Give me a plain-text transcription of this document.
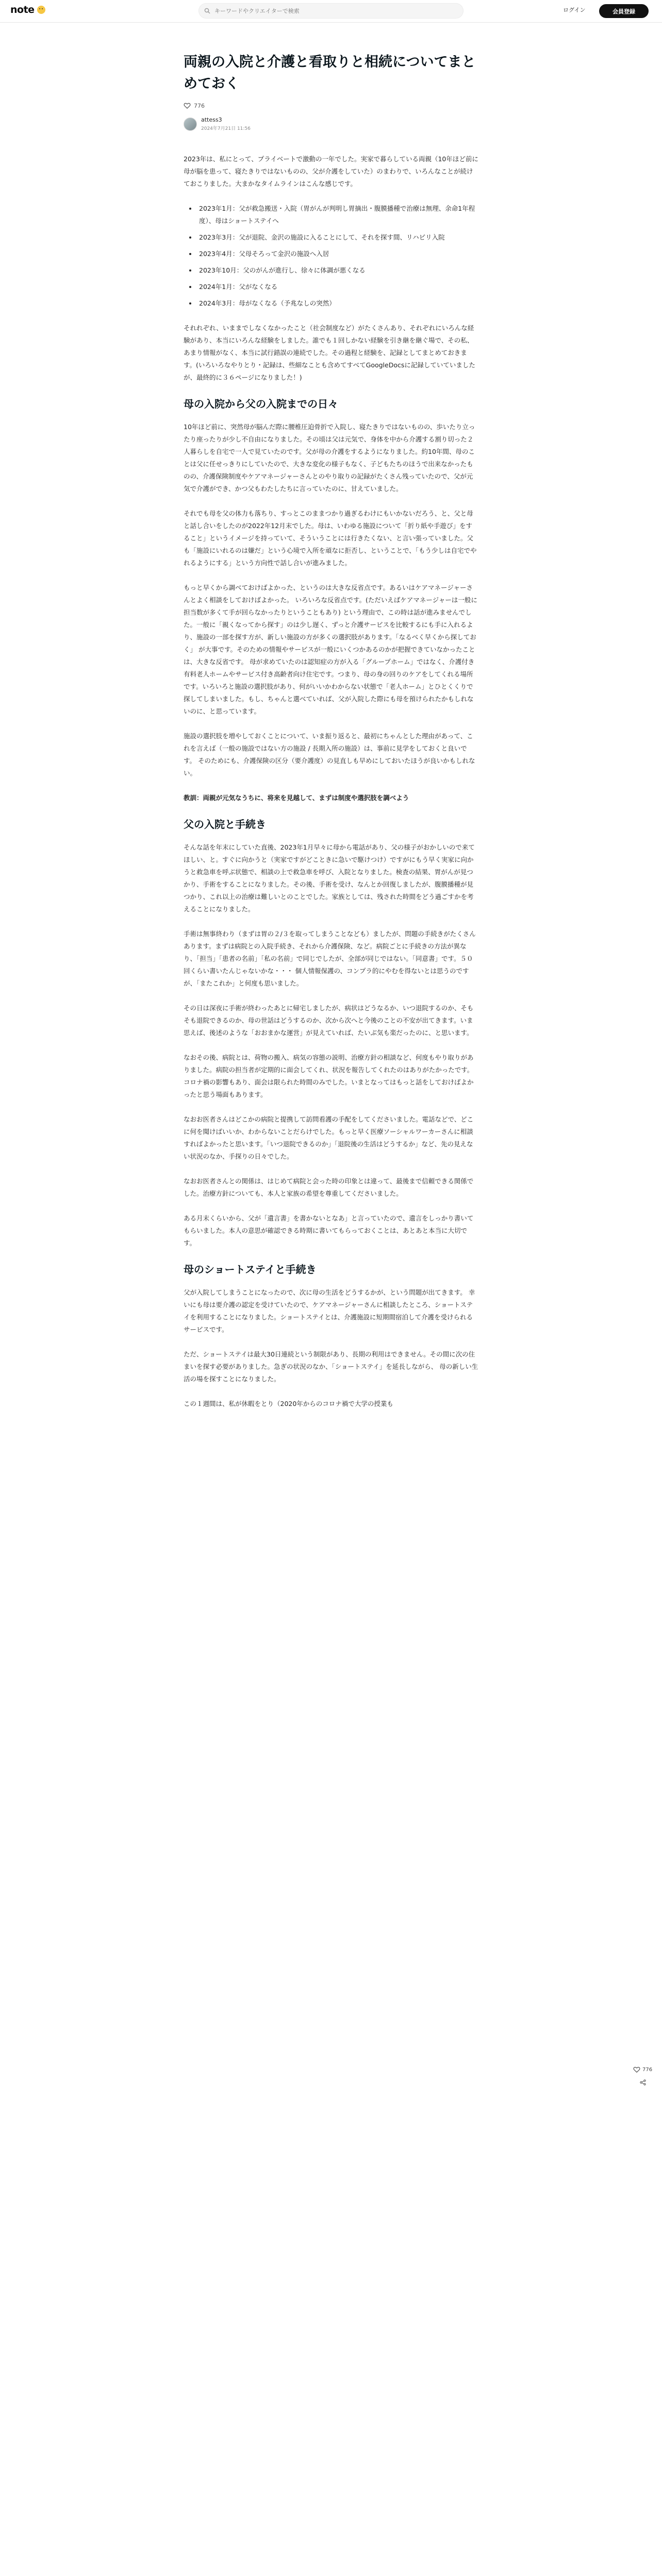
note
キーワードやクリエイターで検索	ログイン	会員登録
両親の入院と介護と看取りと相続についてまとめておく
776
attess3
2024年7月21日 11:56

2023年は、私にとって、プライベートで激動の一年でした。実家で暮らしている両親（10年ほど前に母が脳を患って、寝たきりではないものの、父が介護をしていた）のまわりで、いろんなことが続けておこりました。大まかなタイムラインはこんな感じです。

• 2023年1月：父が救急搬送・入院（胃がんが判明し胃摘出・腹膜播種で治療は無理、余命1年程度）、母はショートステイへ
• 2023年3月：父が退院、金沢の施設に入ることにして、それを探す間、リハビリ入院
• 2023年4月：父母そろって金沢の施設へ入居
• 2023年10月：父のがんが進行し、徐々に体調が悪くなる
• 2024年1月：父がなくなる
• 2024年3月：母がなくなる（予兆なしの突然）

それれぞれ、いままでしなくなかったこと（社会制度など）がたくさんあり、それぞれにいろんな経験があり、本当にいろんな経験をしました。誰でも１回しかない経験を引き継を継ぐ場で、その私、あまり情報がなく、本当に試行錯誤の連続でした。その過程と経験を、記録としてまとめておきます。(いろいろなやりとり・記録は、些細なことも含めてすべてGoogleDocsに記録していていましたが、最終的に３６ページになりました！)

母の入院から父の入院までの日々

10年ほど前に、突然母が脳んだ際に腰椎圧迫骨折で入院し、寝たきりではないものの、歩いたり立ったり座ったりが少し不自由になりました。その頃は父は元気で、身体を中から介護する割り切った２人暮らしを自宅で一人で見ていたのです。父が母の介護をするようになりました。約10年間、母のことは父に任せっきりにしていたので、大きな変化の様子もなく、子どもたちのほうで出来なかったものの、介護保険制度やケアマネージャーさんとのやり取りの記録がたくさん残っていたので、父が元気で介護ができ、かつ父もわたしたちに言っていたのに、甘えていました。

それでも母を父の体力も落ちり、すっとこのままつかり過ぎるわけにもいかないだろう、と、父と母と話し合いをしたのが2022年12月末でした。母は、いわゆる施設について「折り紙や手遊び」をすること」というイメージを持っていて、そういうことには行きたくない、と言い張っていました。父も「施設にいれるのは嫌だ」という心境で入所を頑なに拒否し、ということで、「もう少しは自宅でやれるようにする」という方向性で話し合いが進みました。

もっと早くから調べておけばよかった、というのは大きな反省点です。あるいはケアマネージャーさんとよく相談をしておけばよかった。 いろいろな反省点です。(ただいえばケアマネージャーは一般に担当数が多くて手が回らなかったりということもあり) という理由で、この時は話が進みませんでした。一般に「親くなってから探す」のは少し遅く、ずっと介護サービスを比較するにも手に入れるより、施設の一部を探す方が、新しい施設の方が多くの選択肢があります。「なるべく早くから探しておく」 が大事です。そのための情報やサービスが一般にいくつかあるのかが把握できていなかったことは、大きな反省です。 母が求めていたのは認知症の方が入る「グループホーム」ではなく、介護付き有料老人ホームやサービス付き高齢者向け住宅です。つまり、母の身の回りのケアをしてくれる場所です。いろいろと施設の選択肢があり、何がいいかわからない状態で「老人ホーム」とひとくくりで探してしまいました。もし、ちゃんと選べていれば、父が入院した際にも母を預けられたかもしれないのに、と思っています。

施設の選択肢を増やしておくことについて、いま振り返ると、最初にちゃんとした理由があって、これを言えば（一般の施設ではない方の施設 / 長期入所の施設）は、事前に見学をしておくと良いです。 そのためにも、介護保険の区分（要介護度）の見直しも早めにしておいたほうが良いかもしれない。

教訓：両親が元気なうちに、将来を見越して、まずは制度や選択肢を調べよう

父の入院と手続き

そんな話を年末にしていた直後、2023年1月早々に母から電話があり、父の様子がおかしいので来てほしい、と。すぐに向かうと（実家ですがどこときに急いで駆けつけ）ですがにもう早く実家に向かうと救急車を呼ぶ状態で、相談の上で救急車を呼び、入院となりました。検査の結果、胃がんが見つかり、手術をすることになりました。その後、手術を受け、なんとか回復しましたが、腹膜播種が見つかり、これ以上の治療は難しいとのことでした。家族としては、残された時間をどう過ごすかを考えることになりました。

手術は無事終わり（まずは胃の２/３を取ってしまうことなども）ましたが、問題の手続きがたくさんあります。まずは病院との入院手続き、それから介護保険、など。病院ごとに手続きの方法が異なり、「担当」「患者の名前」「私の名前」で同じでしたが、全部が同じではない。「同意書」です。５０回くらい書いたんじゃないかな・・・ 個人情報保護の、コンプラ的にやむを得ないとは思うのですが、「またこれか」と何度も思いました。

その日は深夜に手術が終わったあとに帰宅しましたが、病状はどうなるか、いつ退院するのか、そもそも退院できるのか、母の世話はどうするのか、次から次へと今後のことの不安が出てきます。いま思えば、後述のような「おおまかな運営」が見えていれば、たいぶ気も楽だったのに、と思います。

なおその後、病院とは、荷物の搬入、病気の容態の説明、治療方針の相談など、何度もやり取りがありました。病院の担当者が定期的に面会してくれ、状況を報告してくれたのはありがたかったです。 コロナ禍の影響もあり、面会は限られた時間のみでした。いまとなってはもっと話をしておけばよかったと思う場面もあります。

なおお医者さんはどこかの病院と提携して訪問看護の手配をしてくださいました。電話などで、どこに何を聞けばいいか、わからないことだらけでした。もっと早く医療ソーシャルワーカーさんに相談すればよかったと思います。「いつ退院できるのか」「退院後の生活はどうするか」など、先の見えない状況のなか、手探りの日々でした。

なおお医者さんとの関係は、はじめて病院と会った時の印象とは違って、最後まで信頼できる関係でした。治療方針についても、本人と家族の希望を尊重してくださいました。

ある月末くらいから、父が「遺言書」を書かないとなあ」と言っていたので、遺言をしっかり書いてもらいました。本人の意思が確認できる時期に書いてもらっておくことは、あとあと本当に大切です。

母のショートステイと手続き

父が入院してしまうことになったので、次に母の生活をどうするかが、という問題が出てきます。 幸いにも母は要介護の認定を受けていたので、ケアマネージャーさんに相談したところ、ショートステイを利用することになりました。ショートステイとは、介護施設に短期間宿泊して介護を受けられるサービスです。

ただ、ショートステイは最大30日連続という制限があり、長期の利用はできません。その間に次の住まいを探す必要がありました。急ぎの状況のなか、「ショートステイ」を延長しながら、 母の新しい生活の場を探すことになりました。

この１週間は、私が休暇をとり（2020年からのコロナ禍で大学の授業も

776
